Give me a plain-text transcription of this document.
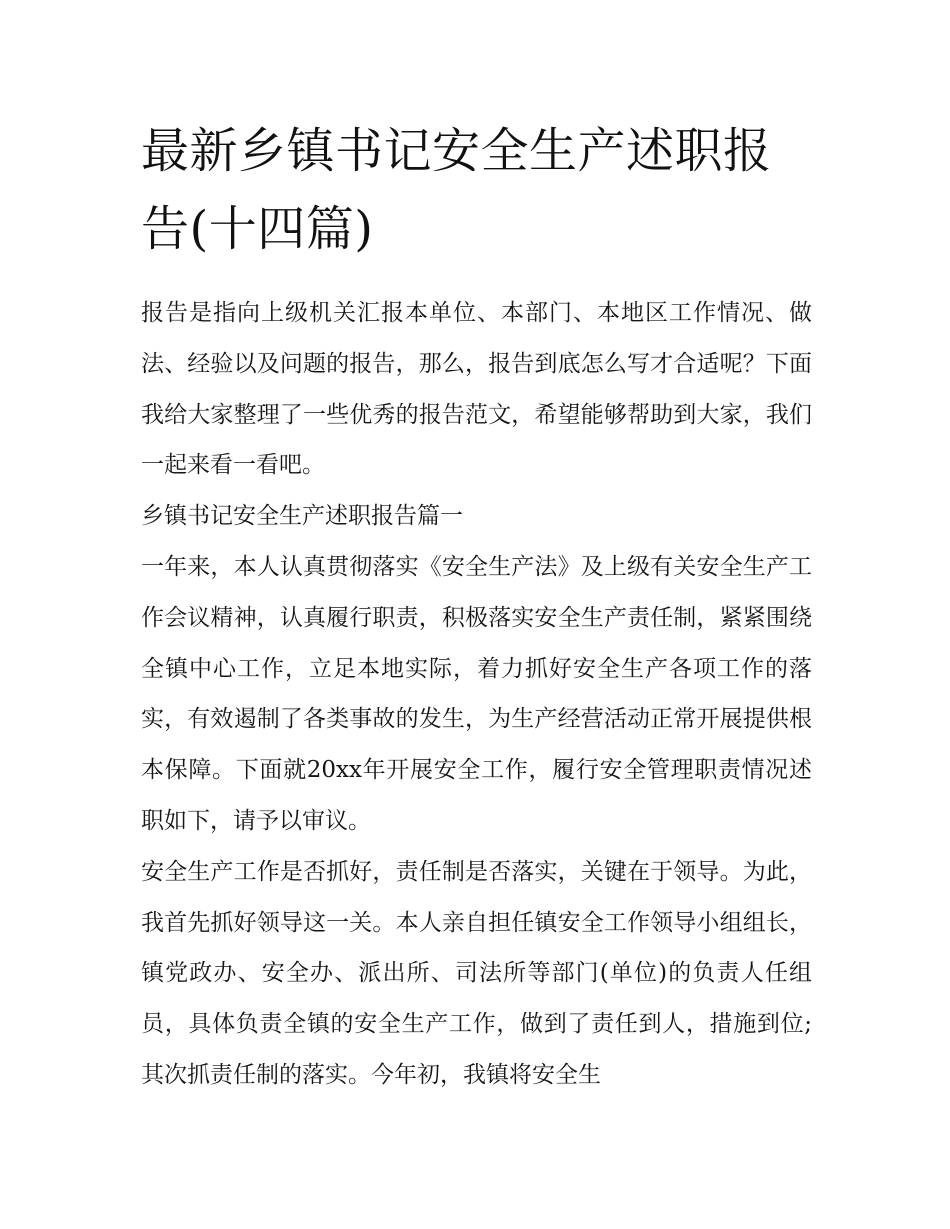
最新乡镇书记安全生产述职报告(十四篇)

报告是指向上级机关汇报本单位、本部门、本地区工作情况、做法、经验以及问题的报告，那么，报告到底怎么写才合适呢？下面我给大家整理了一些优秀的报告范文，希望能够帮助到大家，我们一起来看一看吧。

乡镇书记安全生产述职报告篇一

一年来，本人认真贯彻落实《安全生产法》及上级有关安全生产工作会议精神，认真履行职责，积极落实安全生产责任制，紧紧围绕全镇中心工作，立足本地实际，着力抓好安全生产各项工作的落实，有效遏制了各类事故的发生，为生产经营活动正常开展提供根本保障。下面就20xx年开展安全工作，履行安全管理职责情况述职如下，请予以审议。

安全生产工作是否抓好，责任制是否落实，关键在于领导。为此，我首先抓好领导这一关。本人亲自担任镇安全工作领导小组组长，镇党政办、安全办、派出所、司法所等部门(单位)的负责人任组员，具体负责全镇的安全生产工作，做到了责任到人，措施到位;其次抓责任制的落实。今年初，我镇将安全生
